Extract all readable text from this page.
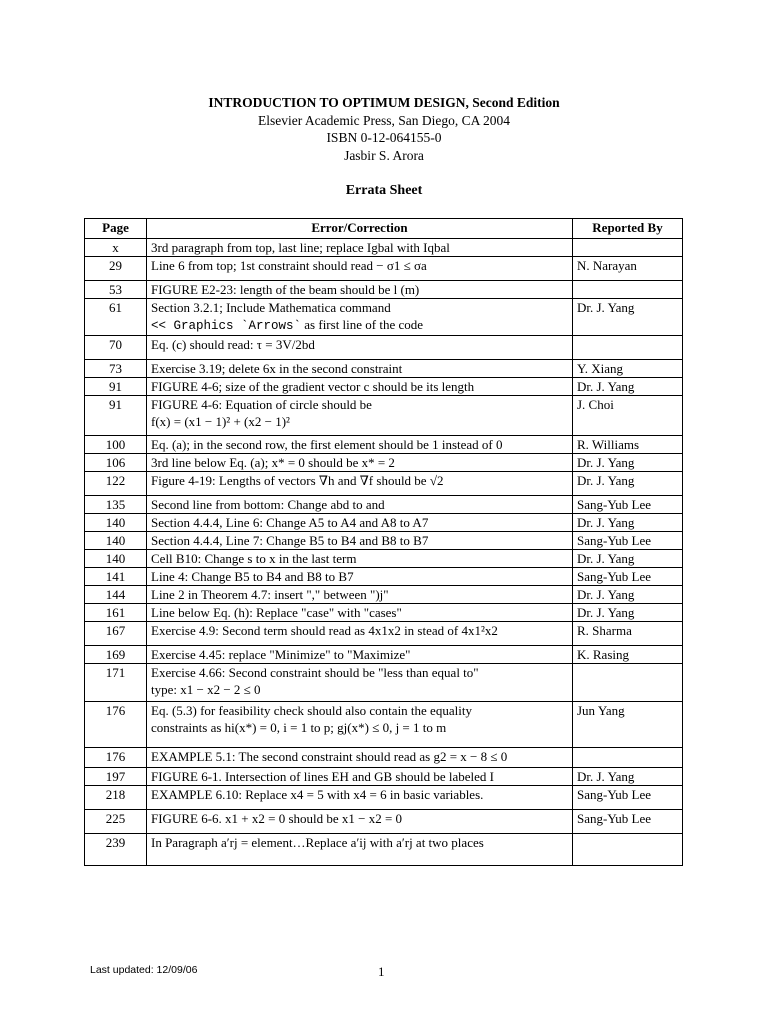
INTRODUCTION TO OPTIMUM DESIGN, Second Edition
Elsevier Academic Press, San Diego, CA 2004
ISBN 0-12-064155-0
Jasbir S. Arora
Errata Sheet
Page	Error/Correction	Reported By
x	3rd paragraph from top, last line; replace Igbal with Iqbal	
29	Line 6 from top; 1st constraint should read − σ1 ≤ σa	N. Narayan
53	FIGURE E2-23: length of the beam should be l (m)	
61	Section 3.2.1; Include Mathematica command
<< Graphics `Arrows` as first line of the code	Dr. J. Yang
70	Eq. (c) should read: τ = 3V/2bd	
73	Exercise 3.19; delete 6x in the second constraint	Y. Xiang
91	FIGURE 4-6; size of the gradient vector c should be its length	Dr. J. Yang
91	FIGURE 4-6: Equation of circle should be
f(x) = (x1 − 1)² + (x2 − 1)²	J. Choi
100	Eq. (a); in the second row, the first element should be 1 instead of 0	R. Williams
106	3rd line below Eq. (a); x* = 0 should be x* = 2	Dr. J. Yang
122	Figure 4-19: Lengths of vectors ∇h and ∇f should be √2	Dr. J. Yang
135	Second line from bottom: Change abd to and	Sang-Yub Lee
140	Section 4.4.4, Line 6: Change A5 to A4 and A8 to A7	Dr. J. Yang
140	Section 4.4.4, Line 7: Change B5 to B4 and B8 to B7	Sang-Yub Lee
140	Cell B10: Change s to x in the last term	Dr. J. Yang
141	Line 4: Change B5 to B4 and B8 to B7	Sang-Yub Lee
144	Line 2 in Theorem 4.7: insert "," between ")j"	Dr. J. Yang
161	Line below Eq. (h): Replace "case" with "cases"	Dr. J. Yang
167	Exercise 4.9: Second term should read as 4x1x2 in stead of 4x1²x2	R. Sharma
169	Exercise 4.45: replace "Minimize" to "Maximize"	K. Rasing
171	Exercise 4.66: Second constraint should be "less than equal to"
type: x1 − x2 − 2 ≤ 0	
176	Eq. (5.3) for feasibility check should also contain the equality
constraints as hi(x*) = 0, i = 1 to p; gj(x*) ≤ 0, j = 1 to m	Jun Yang
176	EXAMPLE 5.1: The second constraint should read as g2 = x − 8 ≤ 0	
197	FIGURE 6-1. Intersection of lines EH and GB should be labeled I	Dr. J. Yang
218	EXAMPLE 6.10: Replace x4 = 5 with x4 = 6 in basic variables.	Sang-Yub Lee
225	FIGURE 6-6. x1 + x2 = 0 should be x1 − x2 = 0	Sang-Yub Lee
239	In Paragraph a′rj = element…Replace a′ij with a′rj at two places	
Last updated: 12/09/06	1
